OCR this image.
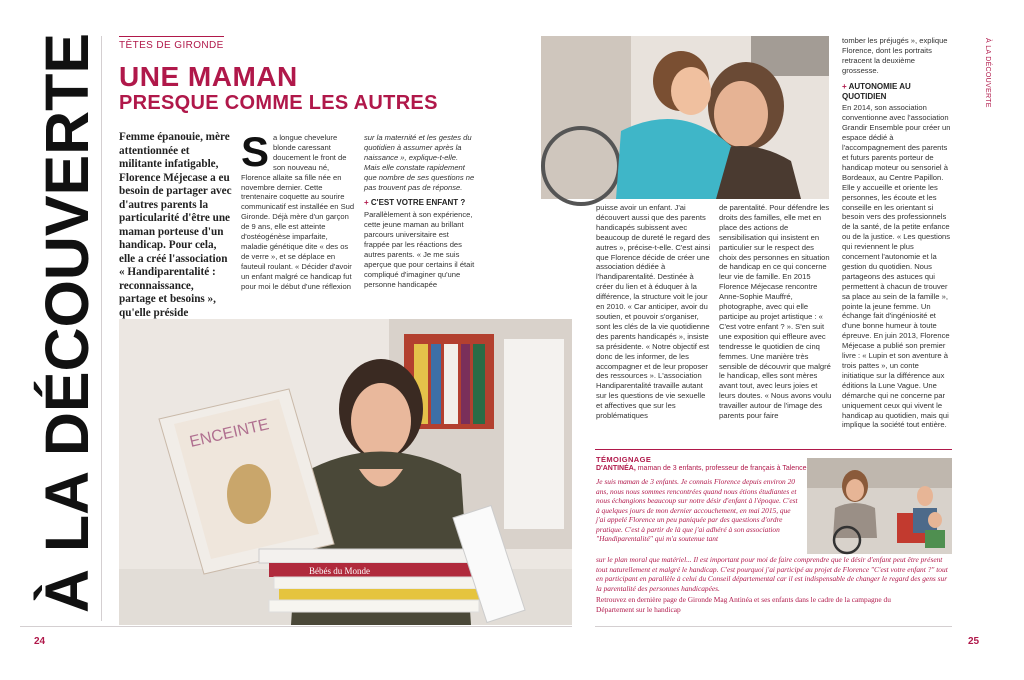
À LA DÉCOUVERTE TÊTES DE GIRONDE
UNE MAMAN
PRESQUE COMME LES AUTRES
Femme épanouie, mère attentionnée et militante infatigable, Florence Méjecase a eu besoin de partager avec d'autres parents la particularité d'être une maman porteuse d'un handicap. Pour cela, elle a créé l'association « Handiparentalité : reconnaissance, partage et besoins », qu'elle préside
S a longue chevelure blonde caressant doucement le front de son nouveau né, Florence allaite sa fille née en novembre dernier. Cette trentenaire coquette au sourire communicatif est installée en Sud Gironde. Déjà mère d'un garçon de 9 ans, elle est atteinte d'ostéogénèse imparfaite, maladie génétique dite « des os de verre », et se déplace en fauteuil roulant. « Décider d'avoir un enfant malgré ce handicap fut pour moi le début d'une réflexion
sur la maternité et les gestes du quotidien à assumer après la naissance », explique-t-elle. Mais elle constate rapidement que nombre de ses questions ne pas trouvent pas de réponse.
+ C'EST VOTRE ENFANT ?
Parallèlement à son expérience, cette jeune maman au brillant parcours universitaire est frappée par les réactions des autres parents. « Je me suis aperçue que pour certains il était compliqué d'imaginer qu'une personne handicapée
ENCEINTE
Bébés du Monde
puisse avoir un enfant. J'ai découvert aussi que des parents handicapés subissent avec beaucoup de dureté le regard des autres », précise-t-elle. C'est ainsi que Florence décide de créer une association dédiée à l'handiparentalité. Destinée à créer du lien et à éduquer à la différence, la structure voit le jour en 2010. « Car anticiper, avoir du soutien, et pouvoir s'organiser, sont les clés de la vie quotidienne des parents handicapés », insiste sa présidente. « Notre objectif est donc de les informer, de les accompagner et de leur proposer des ressources ». L'association Handiparentalité travaille autant sur les questions de vie sexuelle et affectives que sur les problématiques
de parentalité. Pour défendre les droits des familles, elle met en place des actions de sensibilisation qui insistent en particulier sur le respect des choix des personnes en situation de handicap en ce qui concerne leur vie de famille. En 2015 Florence Méjecase rencontre Anne-Sophie Mauffré, photographe, avec qui elle participe au projet artistique : « C'est votre enfant ? ». S'en suit une exposition qui effleure avec tendresse le quotidien de cinq femmes. Une manière très sensible de découvrir que malgré le handicap, elles sont mères avant tout, avec leurs joies et leurs doutes. « Nous avons voulu travailler autour de l'image des parents pour faire
tomber les préjugés », explique Florence, dont les portraits retracent la deuxième grossesse.
+ AUTONOMIE AU QUOTIDIEN
En 2014, son association conventionne avec l'association Grandir Ensemble pour créer un espace dédié à l'accompagnement des parents et futurs parents porteur de handicap moteur ou sensoriel à Bordeaux, au Centre Papillon. Elle y accueille et oriente les personnes, les écoute et les conseille en les orientant si besoin vers des professionnels de la santé, de la petite enfance ou de la justice. « Les questions qui reviennent le plus concernent l'autonomie et la gestion du quotidien. Nous partageons des astuces qui permettent à chacun de trouver sa place au sein de la famille », pointe la jeune femme. Un échange fait d'ingéniosité et d'une bonne humeur à toute épreuve. En juin 2013, Florence Méjecase a publié son premier livre : « Lupin et son aventure à trois pattes », un conte initiatique sur la différence aux éditions la Lune Vague. Une démarche qui ne concerne par uniquement ceux qui vivent le handicap au quotidien, mais qui implique la société tout entière.
TÉMOIGNAGE
D'ANTINÉA, maman de 3 enfants, professeur de français à Talence
Je suis maman de 3 enfants. Je connais Florence depuis environ 20 ans, nous nous sommes rencontrées quand nous étions étudiantes et nous échangions beaucoup sur notre désir d'enfant à l'époque. C'est à quelques jours de mon dernier accouchement, en mai 2015, que j'ai appelé Florence un peu paniquée par des questions d'ordre pratique. C'est à partir de là que j'ai adhéré à son association "Handiparentalité" qui m'a soutenue tant
sur le plan moral que matériel... Il est important pour moi de faire comprendre que le désir d'enfant peut être présent tout naturellement et malgré le handicap. C'est pourquoi j'ai participé au projet de Florence "C'est votre enfant ?" tout en participant en parallèle à celui du Conseil départemental car il est indispensable de changer le regard des gens sur la parentalité des personnes handicapées.
Retrouvez en dernière page de Gironde Mag Antinéa et ses enfants dans le cadre de la campagne du Département sur le handicap
24	25
À LA DÉCOUVERTE
